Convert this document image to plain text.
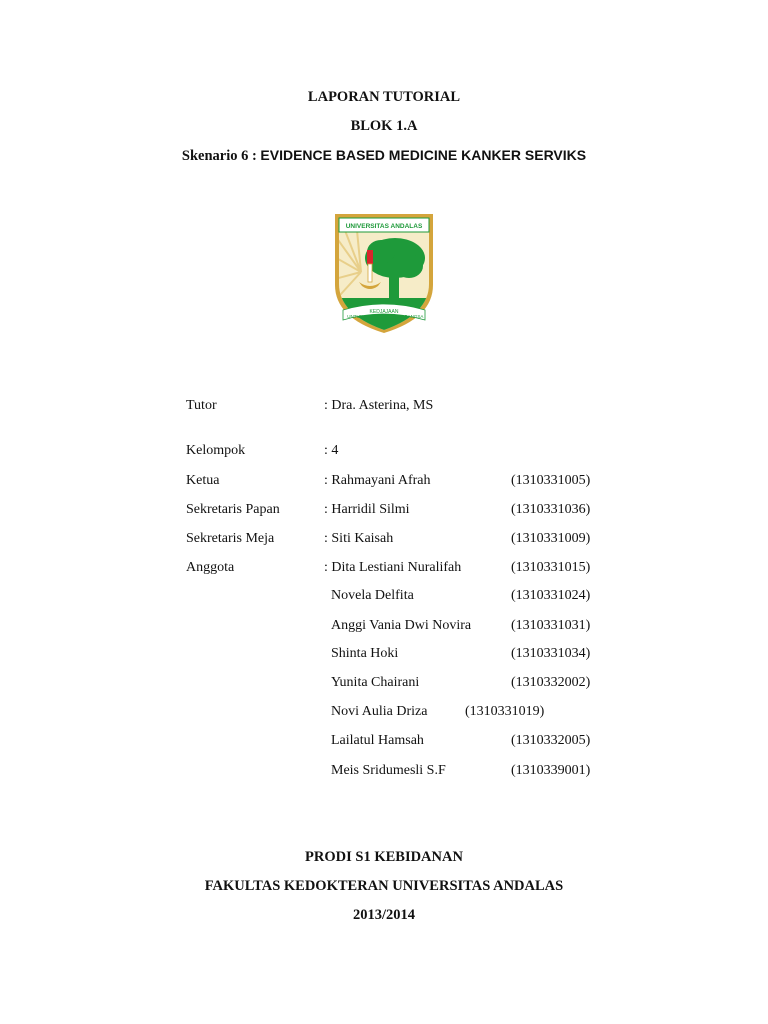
LAPORAN TUTORIAL
BLOK 1.A
Skenario 6 : EVIDENCE BASED MEDICINE KANKER SERVIKS
UNIVERSITAS ANDALAS
UNTUK
KEDJAJAAN
BANGSA
Tutor	: Dra. Asterina, MS
Kelompok	: 4
Ketua	: Rahmayani Afrah	(1310331005)
Sekretaris Papan	: Harridil Silmi	(1310331036)
Sekretaris Meja	: Siti Kaisah	(1310331009)
Anggota	: Dita Lestiani Nuralifah	(1310331015)
Novela Delfita	(1310331024)
Anggi Vania Dwi Novira	(1310331031)
Shinta Hoki	(1310331034)
Yunita Chairani	(1310332002)
Novi Aulia Driza	(1310331019)
Lailatul Hamsah	(1310332005)
Meis Sridumesli S.F	(1310339001)
PRODI S1 KEBIDANAN
FAKULTAS KEDOKTERAN UNIVERSITAS ANDALAS
2013/2014
